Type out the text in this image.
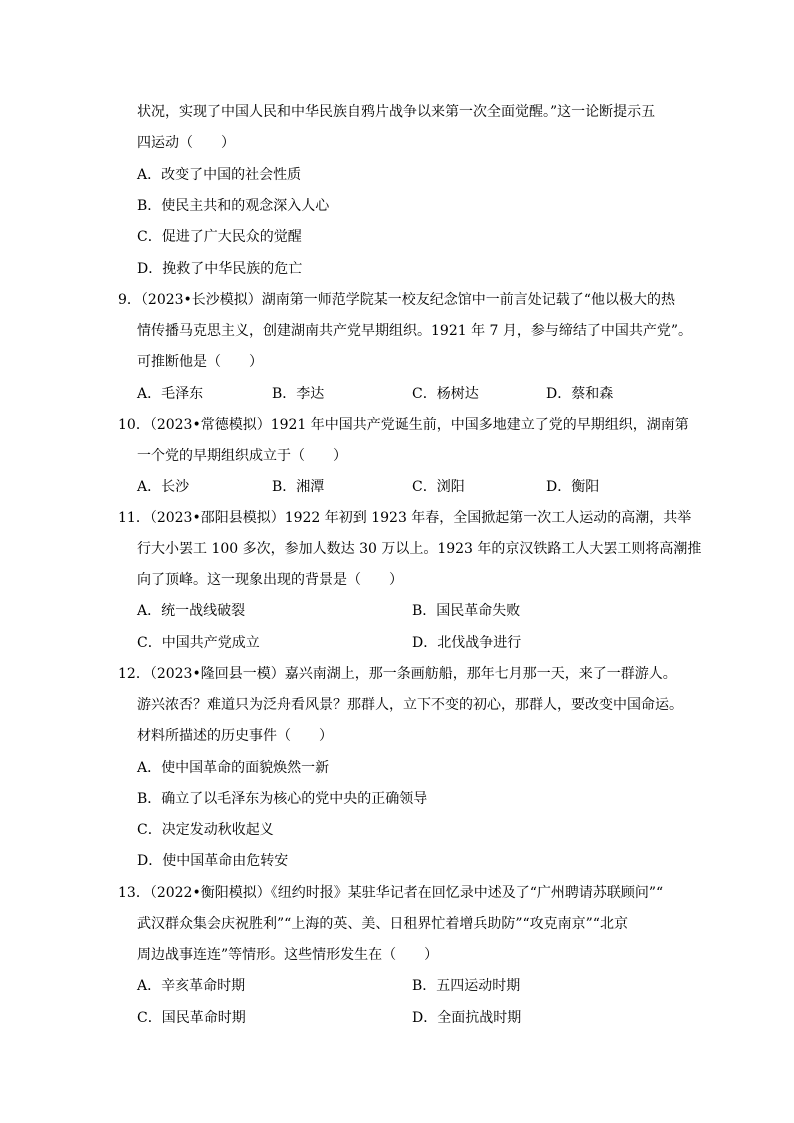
状况，实现了中国人民和中华民族自鸦片战争以来第一次全面觉醒。”这一论断提示五
四运动（　　）
A．改变了中国的社会性质
B．使民主共和的观念深入人心
C．促进了广大民众的觉醒
D．挽救了中华民族的危亡
9．（2023•长沙模拟）湖南第一师范学院某一校友纪念馆中一前言处记载了“他以极大的热
情传播马克思主义，创建湖南共产党早期组织。1921 年 7 月，参与缔结了中国共产党”。
可推断他是（　　）
A．毛泽东	B．李达	C．杨树达	D．蔡和森
10．（2023•常德模拟）1921 年中国共产党诞生前，中国多地建立了党的早期组织，湖南第
一个党的早期组织成立于（　　）
A．长沙	B．湘潭	C．浏阳	D．衡阳
11．（2023•邵阳县模拟）1922 年初到 1923 年春，全国掀起第一次工人运动的高潮，共举
行大小罢工 100 多次，参加人数达 30 万以上。1923 年的京汉铁路工人大罢工则将高潮推
向了顶峰。这一现象出现的背景是（　　）
A．统一战线破裂	B．国民革命失败
C．中国共产党成立	D．北伐战争进行
12．（2023•隆回县一模）嘉兴南湖上，那一条画舫船，那年七月那一天，来了一群游人。
游兴浓否？难道只为泛舟看风景？那群人，立下不变的初心，那群人，要改变中国命运。
材料所描述的历史事件（　　）
A．使中国革命的面貌焕然一新
B．确立了以毛泽东为核心的党中央的正确领导
C．决定发动秋收起义
D．使中国革命由危转安
13．（2022•衡阳模拟）《纽约时报》某驻华记者在回忆录中述及了“广州聘请苏联顾问”“
武汉群众集会庆祝胜利”“上海的英、美、日租界忙着增兵助防”“攻克南京”“北京
周边战事连连”等情形。这些情形发生在（　　）
A．辛亥革命时期	B．五四运动时期
C．国民革命时期	D．全面抗战时期
